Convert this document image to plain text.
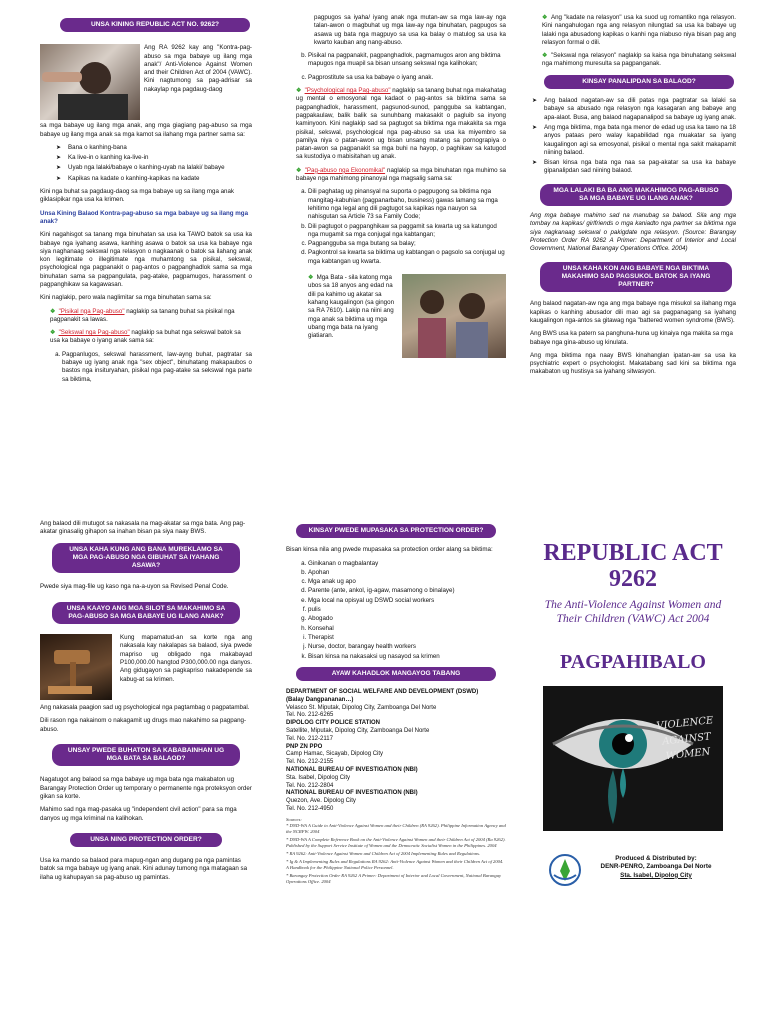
UNSA KINING REPUBLIC ACT NO. 9262?

Ang RA 9262 kay ang "Kontra-pag-abuso sa mga babaye ug ilang mga anak"/ Anti-Violence Against Women and their Children Act of 2004 (VAWC). Kini nagtumong sa pag-adrisar sa nakaylap nga pagdaug-daog

sa mga babaye ug ilang mga anak, ang mga giagiang pag-abuso sa mga babaye ug ilang mga anak sa mga kamot sa ilahang mga partner sama sa:

➤ Bana o kanhing-bana
➤ Ka live-in o kanhing ka-live-in
➤ Uyab nga lalaki/babaye o kanhing-uyab na lalaki/ babaye
➤ Kapikas na kadate o kanhing-kapikas na kadate

Kini nga buhat sa pagdaug-daog sa mga babaye ug sa ilang mga anak giklasipikar nga usa ka krimen.

Unsa Kining Balaod Kontra-pag-abuso sa mga babaye ug sa ilang mga anak?

Kini nagahisgot sa tanang mga binuhatan sa usa ka TAWO batok sa usa ka babaye nga iyahang asawa, kanhing asawa o batok sa usa ka babaye nga siya naghanaag sekswal nga relasyon o nagkaanak o batok sa ilahang anak kon legitimate o illegitimate nga muhamtong sa pisikal, sekswal, psychological nga pagpanakit o pag-antos o pagpanghadlok sama sa mga binuhatan sama sa pagpangulata, pag-atake, pagpamugos, harassment o pagpanghikaw sa kagawasan.

Kini naglakip, pero wala naglimitar sa mga binuhatan sama sa:

❖ "Pisikal nga Pag-abuso" naglakip sa tanang buhat sa pisikal nga pagpanakit sa lawas.

❖ "Sekswal nga Pag-abuso" naglakip sa buhat nga sekswal batok sa usa ka babaye o iyang anak sama sa:

a. Pagpanlugos, sekswal harassment, law-ayng buhat, pagtratar sa babaye ug iyang anak nga "sex object", binuhatang makapaubos o bastos nga insituryahan, pisikal nga pag-atake sa sekswal nga parte sa biktima,

pagpugos sa iyaha/ iyang anak nga mutan-aw sa mga law-ay nga talan-awon o magbuhat ug mga law-ay nga binuhatan, pagpugos sa asawa ug bata nga magpuyo sa usa ka balay o matulog sa usa ka kwarto kauban ang nang-abuso.

b. Pisikal na pagpanakit, pagpanghadlok, pagmamugos aron ang biktima mapugos nga muapil sa bisan unsang sekswal nga kalihokan;
c. Pagprostitute sa usa ka babaye o iyang anak.

❖ "Psychological nga Pag-abuso" naglakip sa tanang buhat nga makahatag ug mental o emosyonal nga kadaot o pag-antos sa biktima sama sa pagpanghadlok, harassment, pagsunod-sunod, pangguba sa kabtangan, pagpakaulaw, balik balik sa sunuhbang makasakit o pagluib sa inyong kaminyoon. Kini naglakip sad sa pagtugot sa biktima nga makakita sa mga pisikal, sekswal, psychological nga pag-abuso sa usa ka miyembro sa pamilya niya o patan-awon ug bisan unsang matang sa pornograpiya o patan-awon sa pagpanakit sa mga buhi na hayop, o paghikaw sa katugod sa kustodiya o mabisitahan ug anak.

❖ "Pag-abuso nga Ekonomikal" naglakip sa mga binuhatan nga muhimo sa babaye nga mahimong pinanoyal nga magsalig sama sa:

a. Dili paghatag ug pinansyal na suporta o pagpugong sa biktima nga mangitag-kabuhian (pagpanarbaho, business) gawas lamang sa mga lehitimo nga legal ang dili pagtugot sa kapikas nga nauyon sa nahisgutan sa Article 73 sa Family Code;
b. Dili pagtugot o pagpanghikaw sa paggamit sa kwarta ug sa katungod nga mugamit sa mga conjugal nga kabtangan;
c. Pagpangguba sa mga butang sa balay;
d. Pagkontrol sa kwarta sa biktima ug kabtangan o pagsolo sa conjugal ug mga kabtangan ug kwarta.

❖ Mga Bata - sila katong mga ubos sa 18 anyos ang edad na dili pa kahimo ug akatar sa kahang kaugalingon (sa gingon sa RA 7610). Lakip na niini ang mga anak sa biktima ug mga ubang mga bata na iyang giatiaran.

❖ Ang "kadate na relasyon" usa ka suod ug romantiko nga relasyon. Kini nangahulogan nga ang relasyon nilungtad sa usa ka babaye ug lalaki nga abusadong kapikas o kanhi nga niabuso niya bisan pag ang relasyon formal o dili.

❖ "Sekswal nga relasyon" naglakip sa kaisa nga binuhatang sekswal nga mahimong muresulta sa pagpanganak.

KINSAY PANALIPDAN SA BALAOD?
➤ Ang balaod nagatan-aw sa dili patas nga pagtratar sa lalaki sa babaye sa abusado nga relasyon nga kasagaran ang babaye ang apa-alaot. Busa, ang balaod nagapanalipod sa babaye ug iyang anak.
➤ Ang mga biktima, mga bata nga menor de edad ug usa ka tawo na 18 anyos pataas pero walay kapabilidad nga muakatar sa iyang kaugalingon agi sa emosyonal, pisikal o mental nga sakit makapamit niining balaod.
➤ Bisan kinsa nga bata nga naa sa pag-akatar sa usa ka babaye gipanalipdan sad niining balaod.
MGA LALAKI BA BA ANG MAKAHIMOG PAG-ABUSO SA MGA BABAYE UG ILANG ANAK?

Ang mga babaye mahimo sad na manubag sa balaod. Sila ang mga tombay na kapikas/ girlfriends o mga kaniadto nga partner sa biktima nga siya nagkanaag sekswal o pakigdate nga relasyon. (Source: Barangay Protection Order RA 9262 A Primer: Department of Interior and Local Government, National Barangay Operations Office. 2004)

UNSA KAHA KON ANG BABAYE NGA BIKTIMA MAKAHIMO SAD PAGSUKOL BATOK SA IYANG PARTNER?

Ang balaod nagatan-aw nga ang mga babaye nga misukol sa ilahang mga kapikas o kanhing abusador dili mao agi sa pagpanagang sa iyahang kaugalingon nga-antos sa gitawag nga "battered women syndrome (BWS).

Ang BWS usa ka patern sa panghuna-huna ug kinaiya nga makita sa mga babaye nga gina-abuso ug kinulata.

Ang mga biktima nga naay BWS kinahanglan ipatan-aw sa usa ka psychiatric expert o psychologist. Makatabang sad kini sa biktima nga makabaton ug hustisya sa iyahang sitwasyon.

Ang balaod dili mutugot sa nakasala na mag-akatar sa mga bata. Ang pag-akatar ginasalig gihapon sa inahan bisan pa siya naay BWS.

UNSA KAHA KUNG ANG BANA MUREKLAMO SA MGA PAG-ABUSO NGA GIBUHAT SA IYAHANG ASAWA?

Pwede siya mag-file ug kaso nga na-a-uyon sa Revised Penal Code.

UNSA KAAYO ANG MGA SILOT SA MAKAHIMO SA PAG-ABUSO SA MGA BABAYE UG ILANG ANAK?

Kung mapamatud-an sa korte nga ang nakasala kay nakalapas sa balaod, siya pwede mapriso ug obligado nga makabayad P100,000.00 hangtod P300,000.00 nga danyos. Ang gidugayon sa pagkapriso nakadepende sa kabug-at sa krimen.

Ang nakasala paagion sad ug psychological nga pagtambag o pagpatambal.

Dili rason nga nakainom o nakagamit ug drugs mao nakahimo sa pagpang-abuso.

UNSAY PWEDE BUHATON SA KABABAINHAN UG MGA BATA SA BALAOD?

Nagatugot ang balaod sa mga babaye ug mga bata nga makabaton ug Barangay Protection Order ug temporary o permanente nga proteksyon order gikan sa korte.

Mahimo sad nga mag-pasaka ug "independent civil action" para sa mga danyos ug mga kriminal na kalihokan.

UNSA NING PROTECTION ORDER?

Usa ka mando sa balaod para mapug-ngan ang dugang pa nga pamintas batok sa mga babaye ug iyang anak. Kini adunay tumong nga matagaan sa ilaha ug kahupayan sa pag-abuso ug pamintas.

KINSAY PWEDE MUPASAKA SA PROTECTION ORDER?

Bisan kinsa nila ang pwede mupasaka sa protection order alang sa biktima:

a. Ginikanan o magbalantay
b. Apohan
c. Mga anak ug apo
d. Parente (ante, ankol, ig-agaw, masamong o binalaye)
e. Mga local na opisyal ug DSWD social workers
f. pulis
g. Abogado
h. Konsehal
i. Therapist
j. Nurse, doctor, barangay health workers
k. Bisan kinsa na nakasaksi ug nasayod sa krimen
AYAW KAHADLOK MANGAYOG TABANG
DEPARTMENT OF SOCIAL WELFARE AND DEVELOPMENT (DSWD)
(Balay Dangpananan…)
Velasco St. Miputak, Dipolog City, Zamboanga Del Norte
Tel. No. 212-6265
DIPOLOG CITY POLICE STATION
Satellite, Miputak, Dipolog City, Zamboanga Del Norte
Tel. No. 212-2117
PNP ZN PPO
Camp Hamac, Sicayab, Dipolog City
Tel. No. 212-2155
NATIONAL BUREAU OF INVESTIGATION (NBI)
Sta. Isabel, Dipolog City
Tel. No. 212-2804
NATIONAL BUREAU OF INVESTIGATION (NBI)
Quezon, Ave. Dipolog City
Tel. No. 212-4950
Sources:
* DND-WA A Guide to Anti-Violence Against Women and their Children (RA 9262). Philippine Information Agency and the NCRFW. 2004
* DND-WA A Complete Reference Book on the Anti-Violence Against Women and their Children Act of 2004 (Ra 9262). Published by the Support Service Institute of Women and the Democratic Socialist Women in the Philippines. 2004
* RA 9262: Anti-Violence Against Women and Children Act of 2004 Implementing Rules and Regulations.
* Ig & A Implementing Rules and Regulations RA 9262: Anti-Violence Against Women and their Children Act of 2004. A Handbook for the Philippine National Police Personnel.
* Barangay Protection Order RA 9262 A Primer: Department of Interior and Local Government, National Barangay Operations Office. 2004
REPUBLIC ACT
9262
The Anti-Violence Against Women and Their Children (VAWC) Act 2004
PAGPAHIBALO
VIOLENCE
AGAINST
WOMEN
Produced & Distributed by:
DENR-PENRO, Zamboanga Del Norte
Sta. Isabel, Dipolog City
